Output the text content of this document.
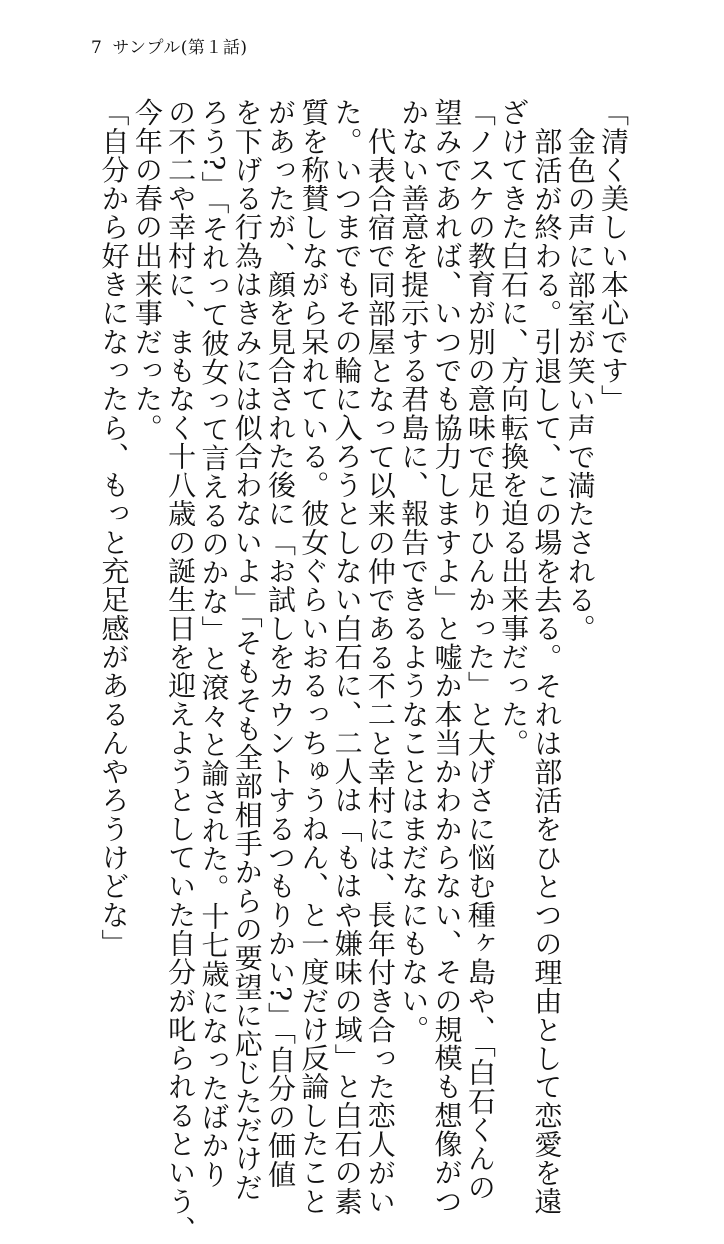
7 サンプル(第１話)
「清く美しい本心です」
金色の声に部室が笑い声で満たされる。
部活が終わる。引退して、この場を去る。それは部活をひとつの理由として恋愛を遠
ざけてきた白石に、方向転換を迫る出来事だった。
「ノスケの教育が別の意味で足りひんかった」と大げさに悩む種ヶ島や、「白石くんの
望みであれば、いつでも協力しますよ」と嘘か本当かわからない、その規模も想像がつ
かない善意を提示する君島に、報告できるようなことはまだなにもない。
代表合宿で同部屋となって以来の仲である不二と幸村には、長年付き合った恋人がい
た。いつまでもその輪に入ろうとしない白石に、二人は「もはや嫌味の域」と白石の素
質を称賛しながら呆れている。彼女ぐらいおるっちゅうねん、と一度だけ反論したこと
があったが、顔を見合された後に「お試しをカウントするつもりかい?」「自分の価値
を下げる行為はきみには似合わないよ」「そもそも全部相手からの要望に応じただけだ
ろう?」「それって彼女って言えるのかな」と滾々と諭された。十七歳になったばかり
の不二や幸村に、まもなく十八歳の誕生日を迎えようとしていた自分が叱られるという、
今年の春の出来事だった。
「自分から好きになったら、もっと充足感があるんやろうけどな」
